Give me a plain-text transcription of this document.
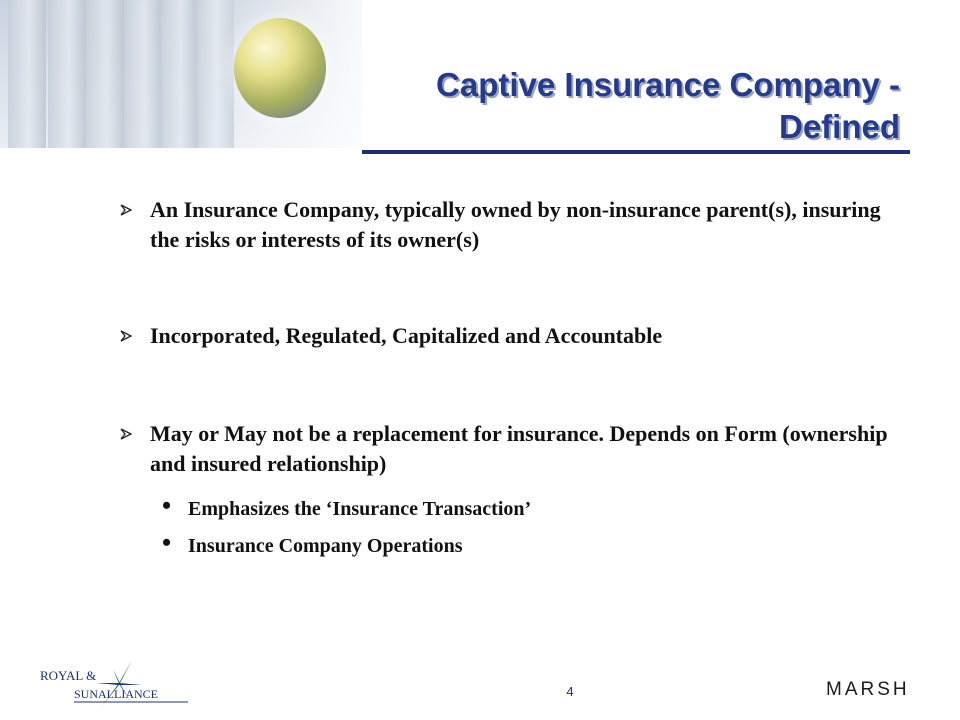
Captive Insurance Company -
Defined
An Insurance Company, typically owned by non-insurance parent(s), insuring the risks or interests of its owner(s)
Incorporated, Regulated, Capitalized and Accountable
May or May not be a replacement for insurance. Depends on Form (ownership and insured relationship)
• Emphasizes the ‘Insurance Transaction’
• Insurance Company Operations
ROYAL &
SUNALLIANCE	4	MARSH
